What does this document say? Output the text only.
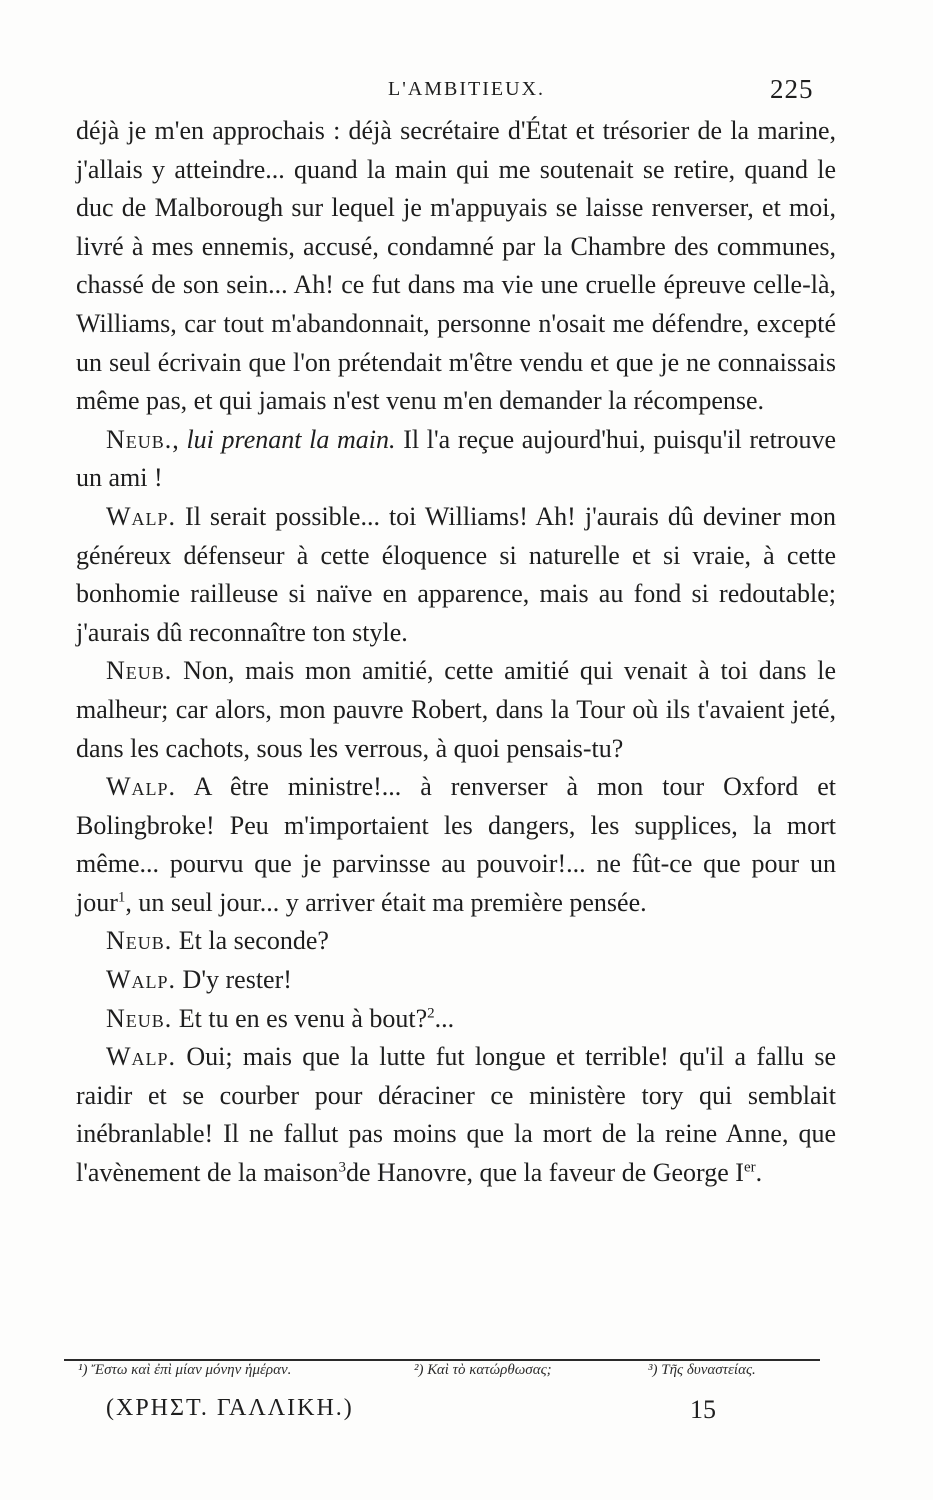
L'AMBITIEUX.	225

déjà je m'en approchais : déjà secrétaire d'État et trésorier de la marine, j'allais y atteindre... quand la main qui me soutenait se retire, quand le duc de Malborough sur lequel je m'appuyais se laisse renverser, et moi, livré à mes ennemis, accusé, condamné par la Chambre des communes, chassé de son sein... Ah! ce fut dans ma vie une cruelle épreuve celle-là, Williams, car tout m'abandonnait, personne n'osait me défendre, excepté un seul écrivain que l'on prétendait m'être vendu et que je ne connaissais même pas, et qui jamais n'est venu m'en demander la récompense.

Neub., lui prenant la main. Il l'a reçue aujourd'hui, puisqu'il retrouve un ami !

Walp. Il serait possible... toi Williams! Ah! j'aurais dû deviner mon généreux défenseur à cette éloquence si naturelle et si vraie, à cette bonhomie railleuse si naïve en apparence, mais au fond si redoutable; j'aurais dû reconnaître ton style.

Neub. Non, mais mon amitié, cette amitié qui venait à toi dans le malheur; car alors, mon pauvre Robert, dans la Tour où ils t'avaient jeté, dans les cachots, sous les verrous, à quoi pensais-tu?

Walp. A être ministre!... à renverser à mon tour Oxford et Bolingbroke! Peu m'importaient les dangers, les supplices, la mort même... pourvu que je parvinsse au pouvoir!... ne fût-ce que pour un jour$^1$, un seul jour... y arriver était ma première pensée.

Neub. Et la seconde?

Walp. D'y rester!

Neub. Et tu en es venu à bout?$^2$...

Walp. Oui; mais que la lutte fut longue et terrible! qu'il a fallu se raidir et se courber pour déraciner ce ministère tory qui semblait inébranlable! Il ne fallut pas moins que la mort de la reine Anne, que l'avènement de la maison$^3$de Hanovre, que la faveur de George Ier.

¹) Ἔστω καὶ ἐπὶ μίαν μόνην ἡμέραν.	²) Καὶ τὸ κατώρθωσας;	³) Τῆς δυναστείας.
(ΧΡΗΣΤ. ΓΑΛΛΙΚΗ.)	15
